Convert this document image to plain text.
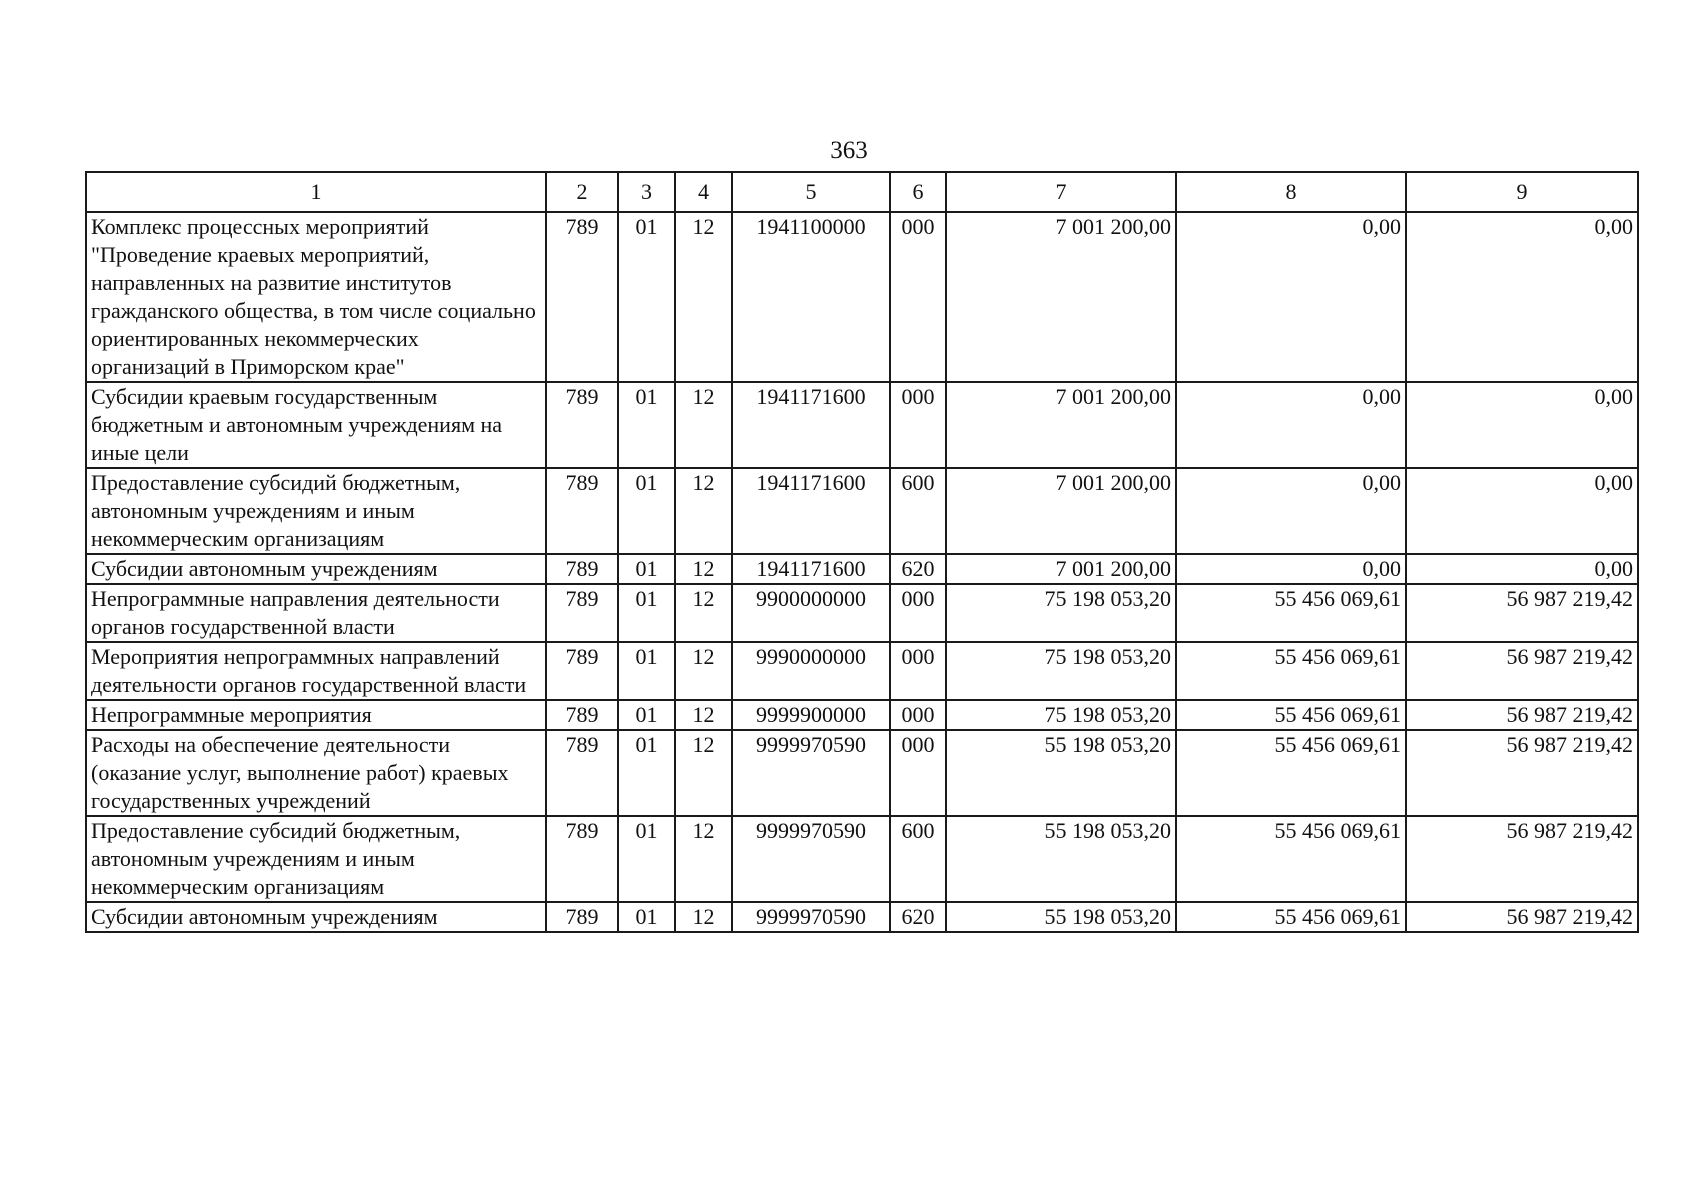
363
1	2	3	4	5	6	7	8	9
Комплекс процессных мероприятий "Проведение краевых мероприятий, направленных на развитие институтов гражданского общества, в том числе социально ориентированных некоммерческих организаций в Приморском крае"	789	01	12	1941100000	000	7 001 200,00	0,00	0,00
Субсидии краевым государственным бюджетным и автономным учреждениям на иные цели	789	01	12	1941171600	000	7 001 200,00	0,00	0,00
Предоставление субсидий бюджетным, автономным учреждениям и иным некоммерческим организациям	789	01	12	1941171600	600	7 001 200,00	0,00	0,00
Субсидии автономным учреждениям	789	01	12	1941171600	620	7 001 200,00	0,00	0,00
Непрограммные направления деятельности органов государственной власти	789	01	12	9900000000	000	75 198 053,20	55 456 069,61	56 987 219,42
Мероприятия непрограммных направлений деятельности органов государственной власти	789	01	12	9990000000	000	75 198 053,20	55 456 069,61	56 987 219,42
Непрограммные мероприятия	789	01	12	9999900000	000	75 198 053,20	55 456 069,61	56 987 219,42
Расходы на обеспечение деятельности (оказание услуг, выполнение работ) краевых государственных учреждений	789	01	12	9999970590	000	55 198 053,20	55 456 069,61	56 987 219,42
Предоставление субсидий бюджетным, автономным учреждениям и иным некоммерческим организациям	789	01	12	9999970590	600	55 198 053,20	55 456 069,61	56 987 219,42
Субсидии автономным учреждениям	789	01	12	9999970590	620	55 198 053,20	55 456 069,61	56 987 219,42
